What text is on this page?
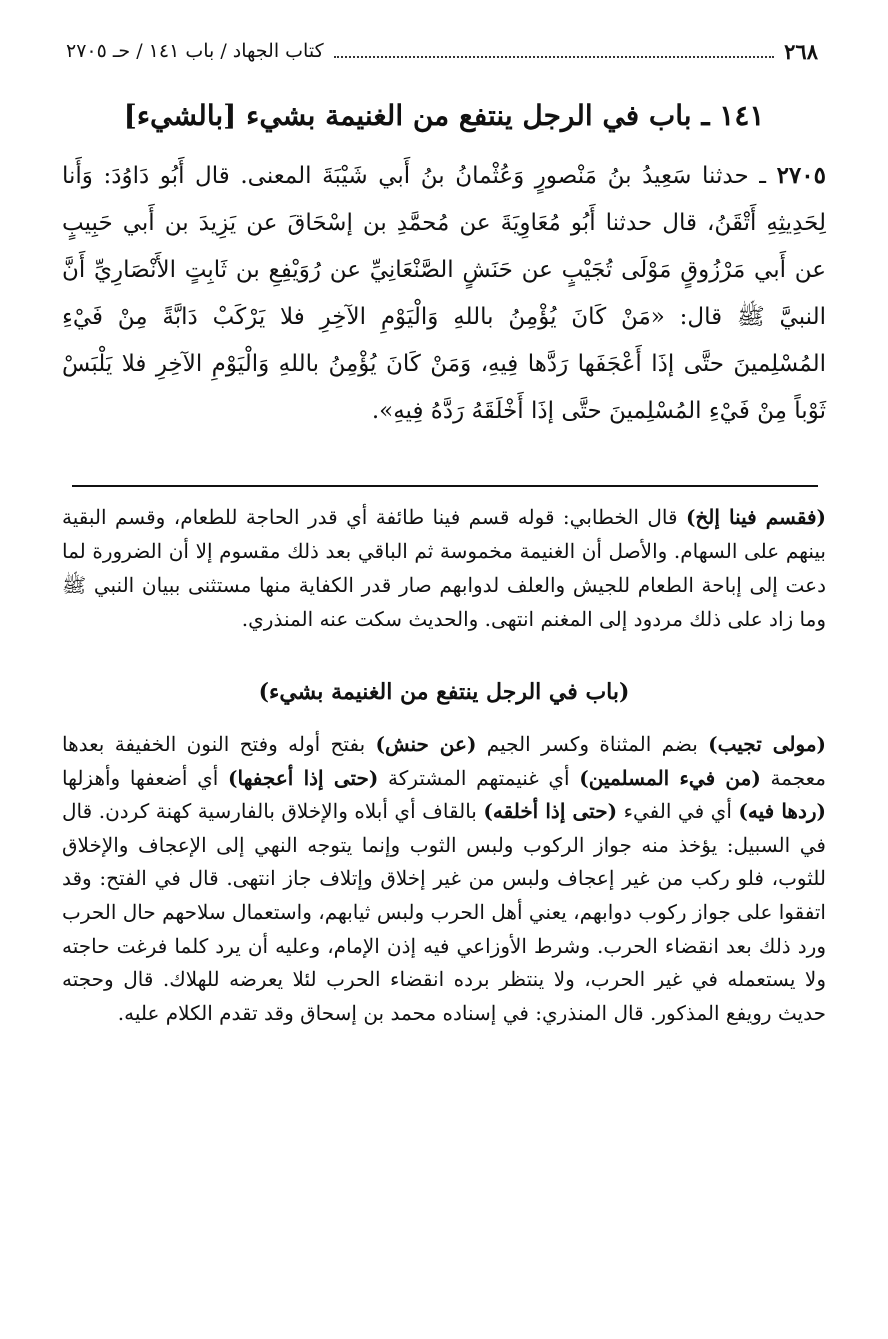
٢٦٨
كتاب الجهاد / باب ١٤١ / حـ ٢٧٠٥
١٤١ ـ باب في الرجل ينتفع من الغنيمة بشيء [بالشيء]
٢٧٠٥ ـ حدثنا سَعِيدُ بنُ مَنْصورٍ وَعُثْمانُ بنُ أَبي شَيْبَةَ المعنى. قال أَبُو دَاوُدَ: وَأَنا لِحَدِيثِهِ أَتْقَنُ، قال حدثنا أَبُو مُعَاوِيَةَ عن مُحمَّدِ بن إسْحَاقَ عن يَزِيدَ بن أَبي حَبِيبٍ عن أَبي مَرْزُوقٍ مَوْلَى تُجَيْبٍ عن حَنَشٍ الصَّنْعَانِيِّ عن رُوَيْفِعِ بن ثَابِتٍ الأَنْصَارِيِّ أَنَّ النبيَّ ﷺ قال: «مَنْ كَانَ يُؤْمِنُ باللهِ وَالْيَوْمِ الآخِرِ فلا يَرْكَبْ دَابَّةً مِنْ فَيْءِ المُسْلِمينَ حتَّى إذَا أَعْجَفَها رَدَّها فِيهِ، وَمَنْ كَانَ يُؤْمِنُ باللهِ وَالْيَوْمِ الآخِرِ فلا يَلْبَسْ ثَوْباً مِنْ فَيْءِ المُسْلِمينَ حتَّى إذَا أَخْلَقَهُ رَدَّهُ فِيهِ».
(فقسم فينا إلخ) قال الخطابي: قوله قسم فينا طائفة أي قدر الحاجة للطعام، وقسم البقية بينهم على السهام. والأصل أن الغنيمة مخموسة ثم الباقي بعد ذلك مقسوم إلا أن الضرورة لما دعت إلى إباحة الطعام للجيش والعلف لدوابهم صار قدر الكفاية منها مستثنى ببيان النبي ﷺ وما زاد على ذلك مردود إلى المغنم انتهى. والحديث سكت عنه المنذري.
(باب في الرجل ينتفع من الغنيمة بشيء)
(مولى تجيب) بضم المثناة وكسر الجيم (عن حنش) بفتح أوله وفتح النون الخفيفة بعدها معجمة (من فيء المسلمين) أي غنيمتهم المشتركة (حتى إذا أعجفها) أي أضعفها وأهزلها (ردها فيه) أي في الفيء (حتى إذا أخلقه) بالقاف أي أبلاه والإخلاق بالفارسية كهنة كردن. قال في السبيل: يؤخذ منه جواز الركوب ولبس الثوب وإنما يتوجه النهي إلى الإعجاف والإخلاق للثوب، فلو ركب من غير إعجاف ولبس من غير إخلاق وإتلاف جاز انتهى. قال في الفتح: وقد اتفقوا على جواز ركوب دوابهم، يعني أهل الحرب ولبس ثيابهم، واستعمال سلاحهم حال الحرب ورد ذلك بعد انقضاء الحرب. وشرط الأوزاعي فيه إذن الإمام، وعليه أن يرد كلما فرغت حاجته ولا يستعمله في غير الحرب، ولا ينتظر برده انقضاء الحرب لئلا يعرضه للهلاك. قال وحجته حديث رويفع المذكور. قال المنذري: في إسناده محمد بن إسحاق وقد تقدم الكلام عليه.
